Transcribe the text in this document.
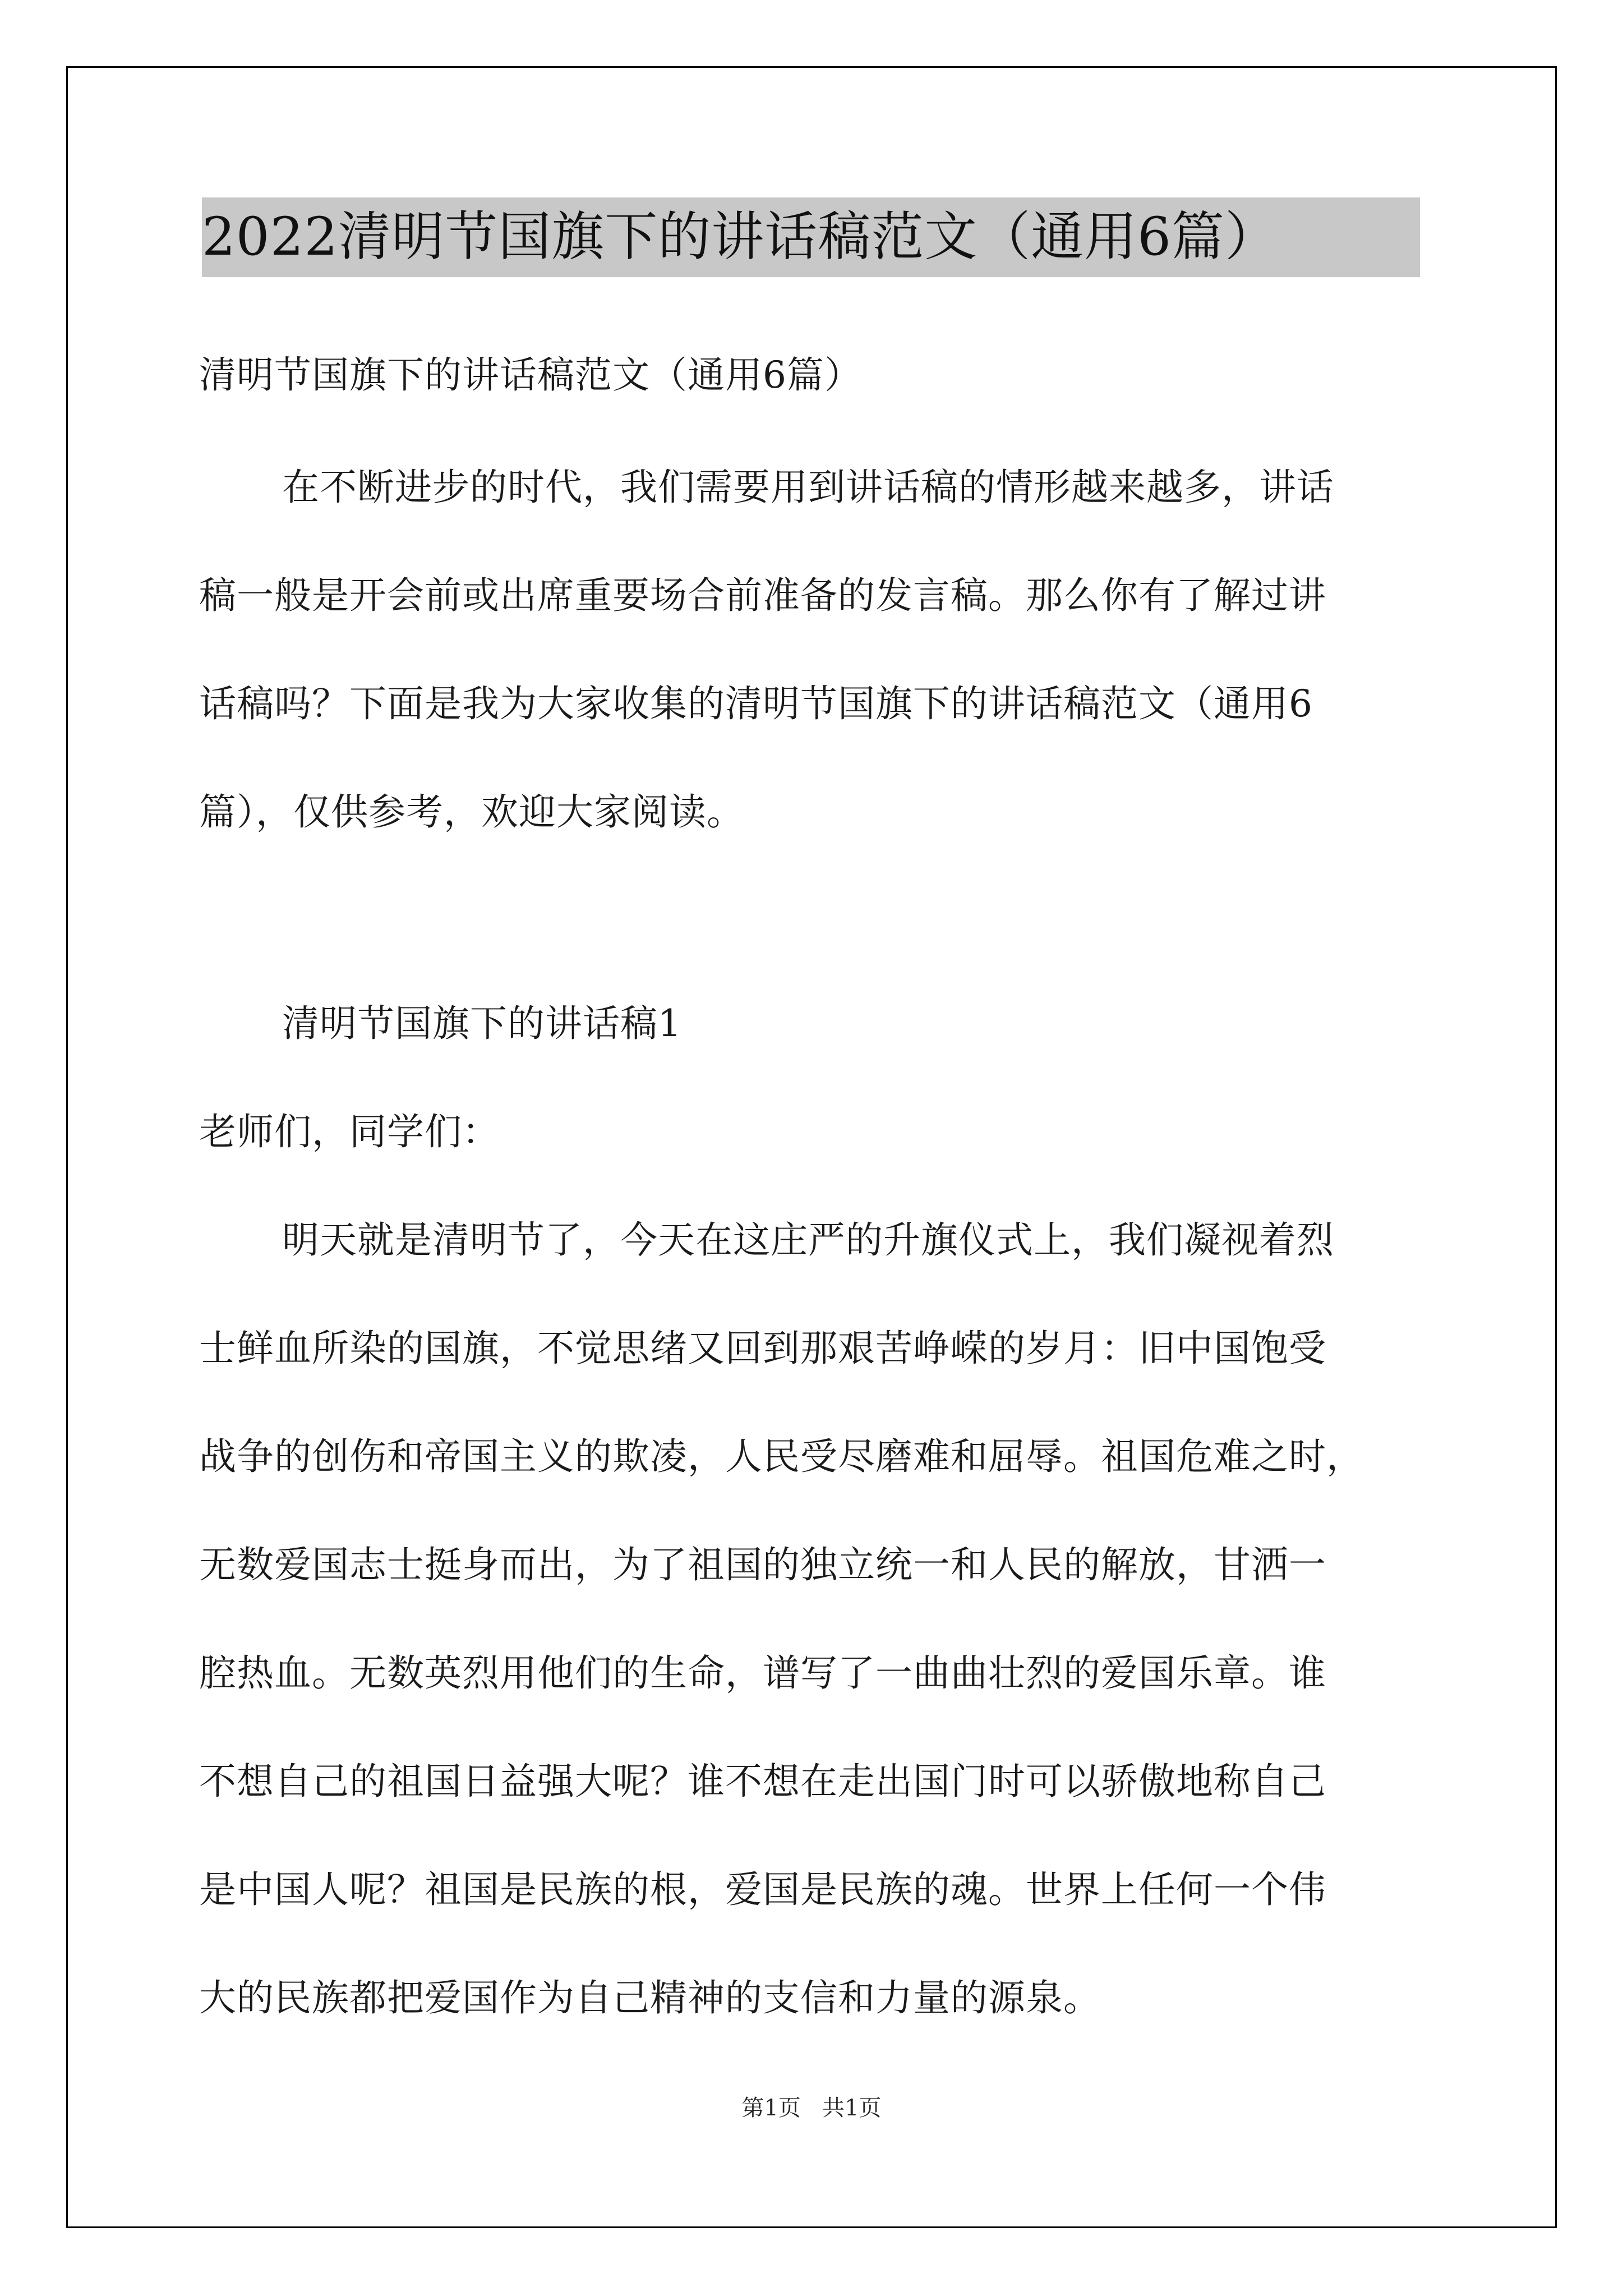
2022清明节国旗下的讲话稿范文（通用6篇）
清明节国旗下的讲话稿范文（通用6篇）
在不断进步的时代，我们需要用到讲话稿的情形越来越多，讲话
稿一般是开会前或出席重要场合前准备的发言稿。那么你有了解过讲
话稿吗？下面是我为大家收集的清明节国旗下的讲话稿范文（通用6
篇），仅供参考，欢迎大家阅读。
清明节国旗下的讲话稿1
老师们，同学们：
明天就是清明节了，今天在这庄严的升旗仪式上，我们凝视着烈
士鲜血所染的国旗，不觉思绪又回到那艰苦峥嵘的岁月：旧中国饱受
战争的创伤和帝国主义的欺凌，人民受尽磨难和屈辱。祖国危难之时，
无数爱国志士挺身而出，为了祖国的独立统一和人民的解放，甘洒一
腔热血。无数英烈用他们的生命，谱写了一曲曲壮烈的爱国乐章。谁
不想自己的祖国日益强大呢？谁不想在走出国门时可以骄傲地称自己
是中国人呢？祖国是民族的根，爱国是民族的魂。世界上任何一个伟
大的民族都把爱国作为自己精神的支信和力量的源泉。
第1页   共1页
